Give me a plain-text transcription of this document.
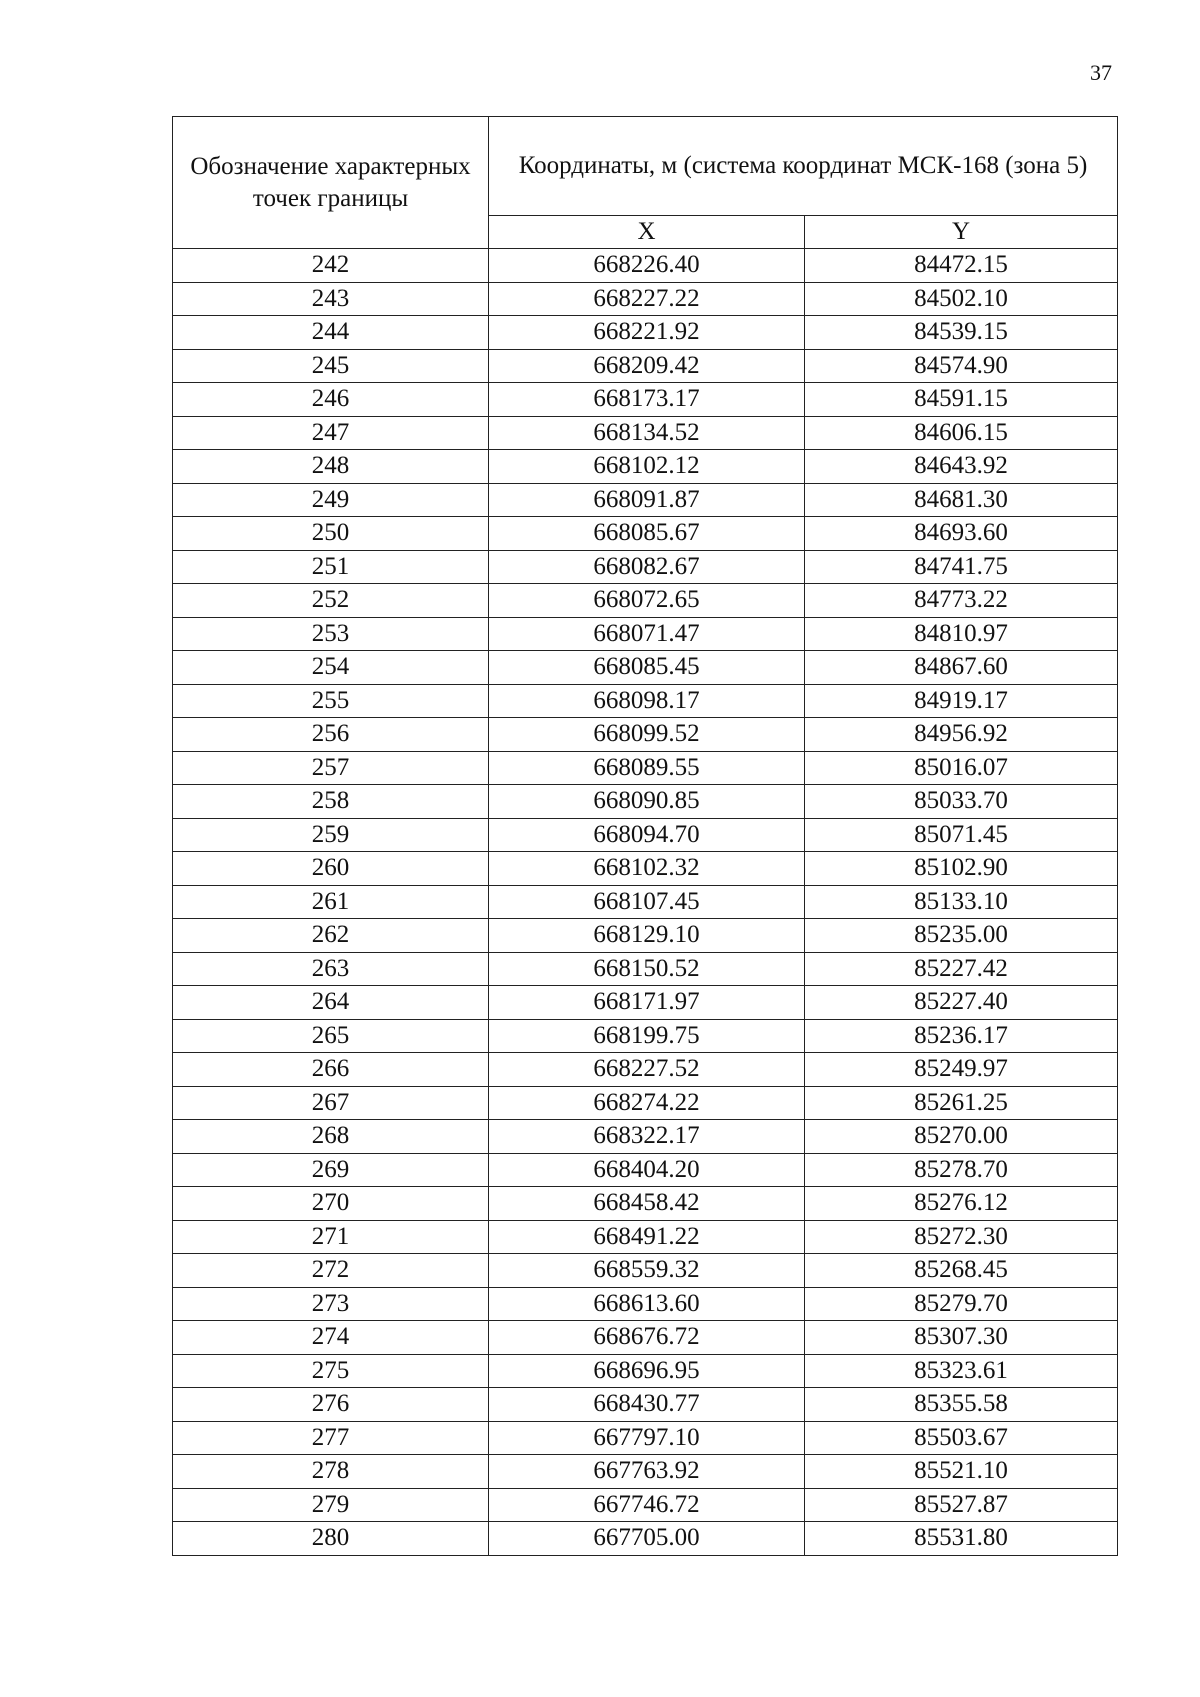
37
Обозначение характерных точек границы	Координаты, м (система координат МСК-168 (зона 5)	
	X	Y
242	668226.40	84472.15
243	668227.22	84502.10
244	668221.92	84539.15
245	668209.42	84574.90
246	668173.17	84591.15
247	668134.52	84606.15
248	668102.12	84643.92
249	668091.87	84681.30
250	668085.67	84693.60
251	668082.67	84741.75
252	668072.65	84773.22
253	668071.47	84810.97
254	668085.45	84867.60
255	668098.17	84919.17
256	668099.52	84956.92
257	668089.55	85016.07
258	668090.85	85033.70
259	668094.70	85071.45
260	668102.32	85102.90
261	668107.45	85133.10
262	668129.10	85235.00
263	668150.52	85227.42
264	668171.97	85227.40
265	668199.75	85236.17
266	668227.52	85249.97
267	668274.22	85261.25
268	668322.17	85270.00
269	668404.20	85278.70
270	668458.42	85276.12
271	668491.22	85272.30
272	668559.32	85268.45
273	668613.60	85279.70
274	668676.72	85307.30
275	668696.95	85323.61
276	668430.77	85355.58
277	667797.10	85503.67
278	667763.92	85521.10
279	667746.72	85527.87
280	667705.00	85531.80
